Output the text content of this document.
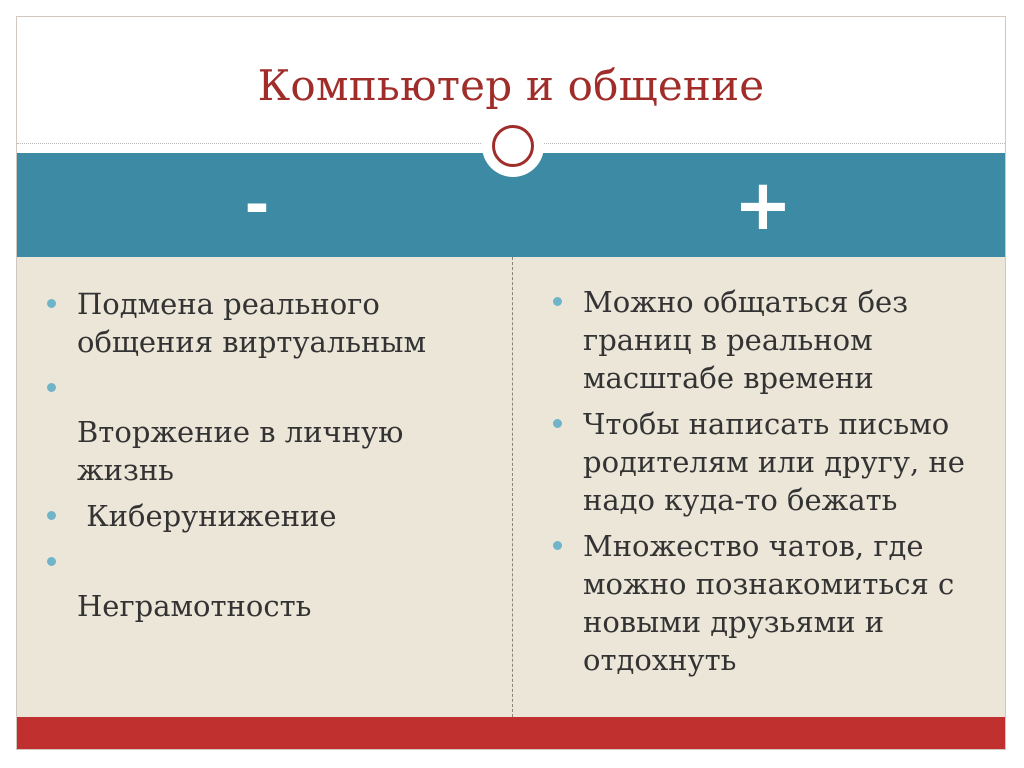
Компьютер и общение
-	+
Подмена реального общения виртуальным
Вторжение в личную жизнь
Киберунижение
Неграмотность
Можно общаться без границ в реальном масштабе времени
Чтобы написать письмо родителям или другу, не надо куда-то бежать
Множество чатов, где можно познакомиться с новыми друзьями и отдохнуть
